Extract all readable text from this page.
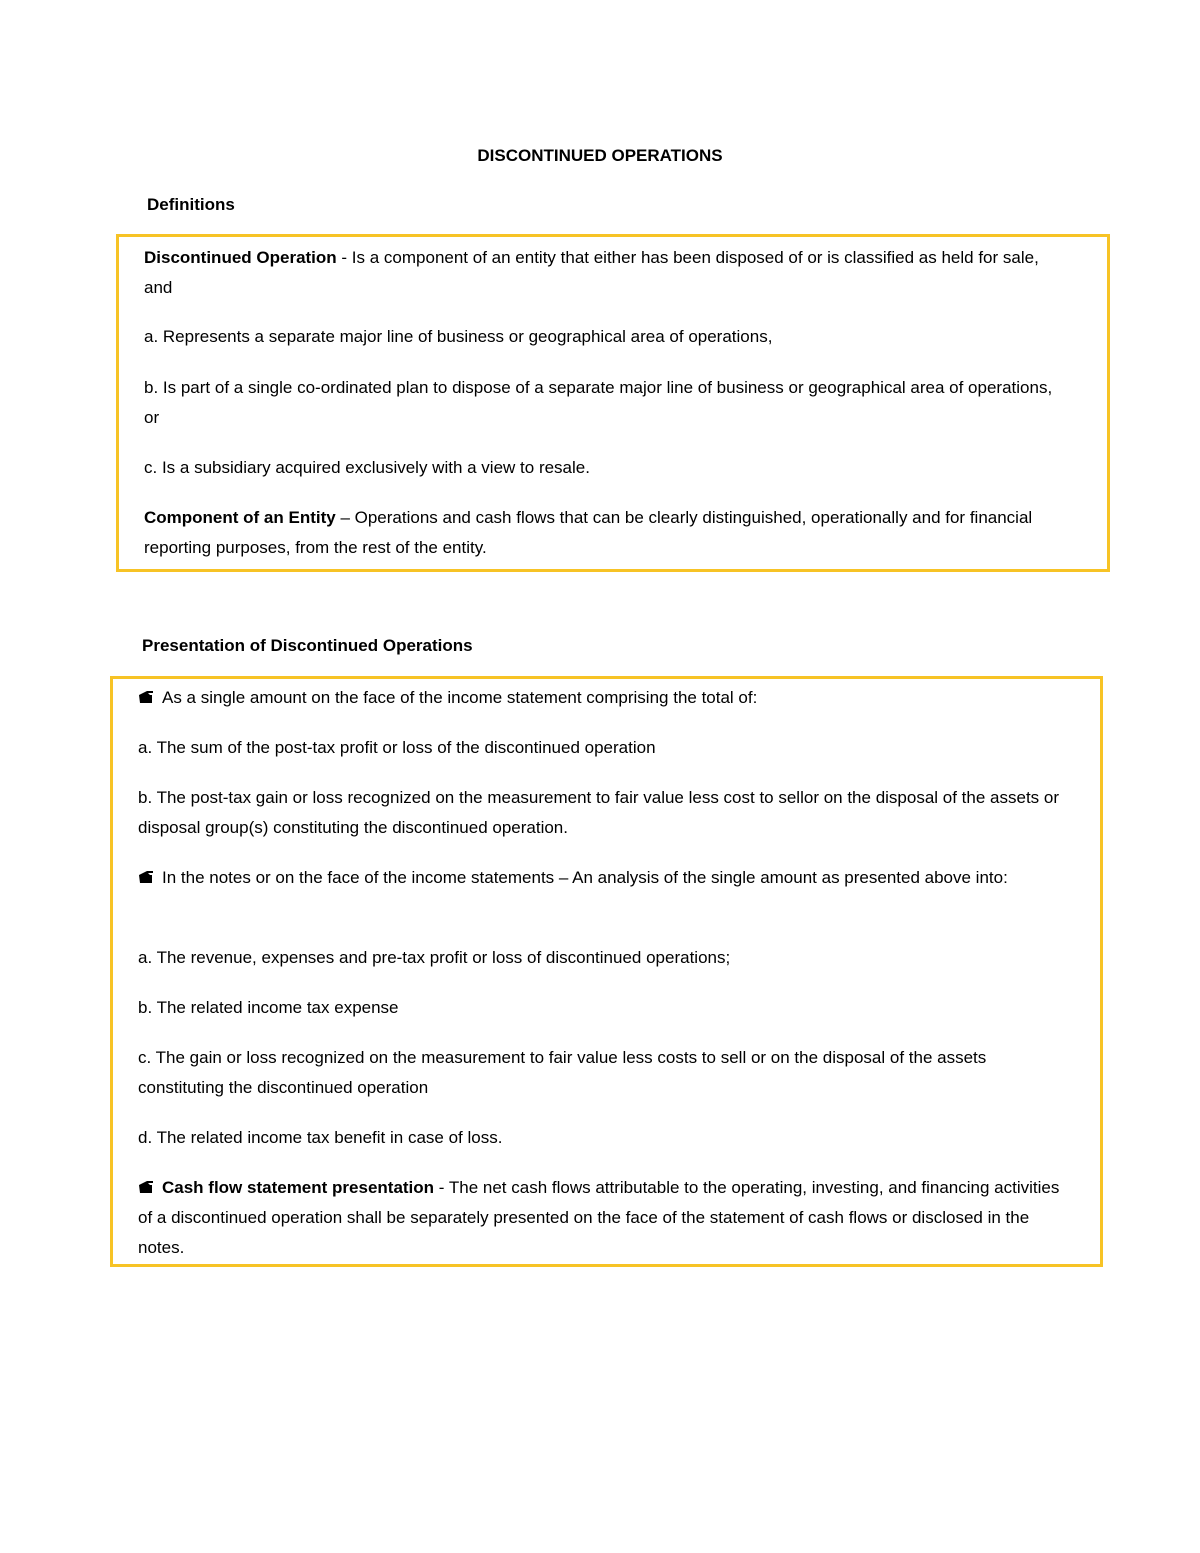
DISCONTINUED OPERATIONS
Definitions

Discontinued Operation - Is a component of an entity that either has been disposed of or is classified as held for sale, and

a. Represents a separate major line of business or geographical area of operations,

b. Is part of a single co-ordinated plan to dispose of a separate major line of business or geographical area of operations, or

c. Is a subsidiary acquired exclusively with a view to resale.

Component of an Entity – Operations and cash flows that can be clearly distinguished, operationally and for financial reporting purposes, from the rest of the entity.

Presentation of Discontinued Operations

As a single amount on the face of the income statement comprising the total of:

a. The sum of the post-tax profit or loss of the discontinued operation

b. The post-tax gain or loss recognized on the measurement to fair value less cost to sellor on the disposal of the assets or disposal group(s) constituting the discontinued operation.

In the notes or on the face of the income statements – An analysis of the single amount as presented above into:

a. The revenue, expenses and pre-tax profit or loss of discontinued operations;

b. The related income tax expense

c. The gain or loss recognized on the measurement to fair value less costs to sell or on the disposal of the assets constituting the discontinued operation

d. The related income tax benefit in case of loss.

Cash flow statement presentation - The net cash flows attributable to the operating, investing, and financing activities of a discontinued operation shall be separately presented on the face of the statement of cash flows or disclosed in the notes.
